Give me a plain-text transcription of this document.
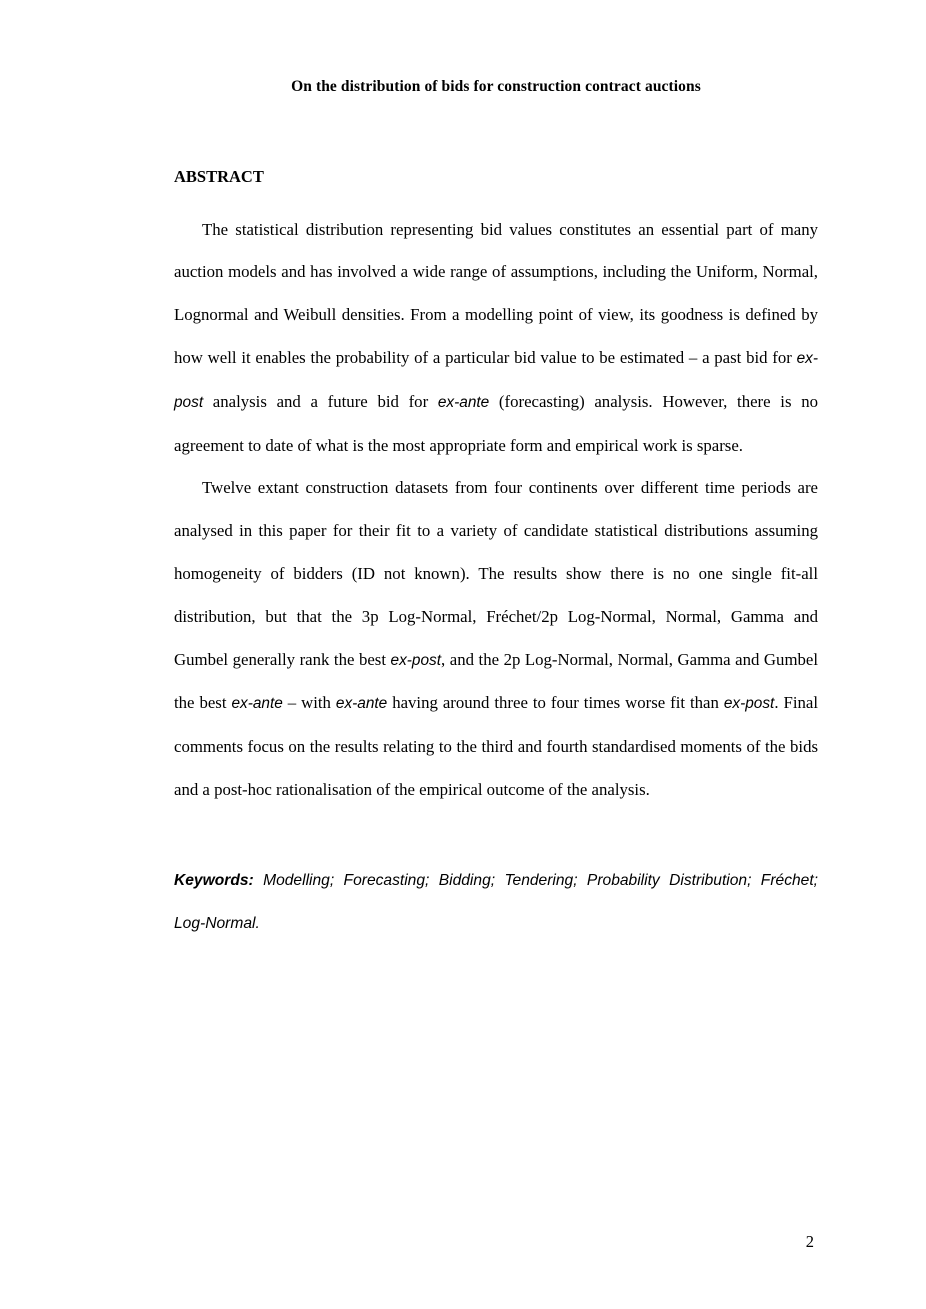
On the distribution of bids for construction contract auctions
ABSTRACT

The statistical distribution representing bid values constitutes an essential part of many auction models and has involved a wide range of assumptions, including the Uniform, Normal, Lognormal and Weibull densities. From a modelling point of view, its goodness is defined by how well it enables the probability of a particular bid value to be estimated – a past bid for ex-post analysis and a future bid for ex-ante (forecasting) analysis. However, there is no agreement to date of what is the most appropriate form and empirical work is sparse.

Twelve extant construction datasets from four continents over different time periods are analysed in this paper for their fit to a variety of candidate statistical distributions assuming homogeneity of bidders (ID not known). The results show there is no one single fit-all distribution, but that the 3p Log-Normal, Fréchet/2p Log-Normal, Normal, Gamma and Gumbel generally rank the best ex-post, and the 2p Log-Normal, Normal, Gamma and Gumbel the best ex-ante – with ex-ante having around three to four times worse fit than ex-post. Final comments focus on the results relating to the third and fourth standardised moments of the bids and a post-hoc rationalisation of the empirical outcome of the analysis.

Keywords: Modelling; Forecasting; Bidding; Tendering; Probability Distribution; Fréchet; Log-Normal.

2
